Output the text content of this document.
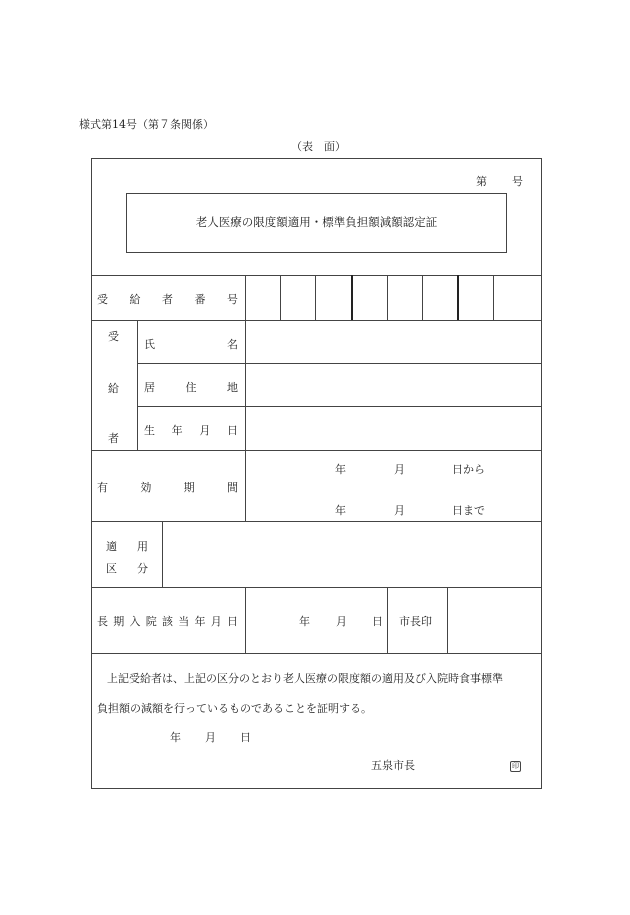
様式第14号（第７条関係）
（表　面）
第 号
老人医療の限度額適用・標準負担額減額認定証
受 給 者 番 号
受
給
者
氏	名
居	住	地
生 年 月 日
有	効	期	間
年	月	日から
年	月	日まで
適 用
区 分
長 期 入 院 該 当 年 月 日	年 月 日 市長印
上記受給者は、上記の区分のとおり老人医療の限度額の適用及び入院時食事標準
負担額の減額を行っているものであることを証明する。
年 月 日
五泉市長	印
